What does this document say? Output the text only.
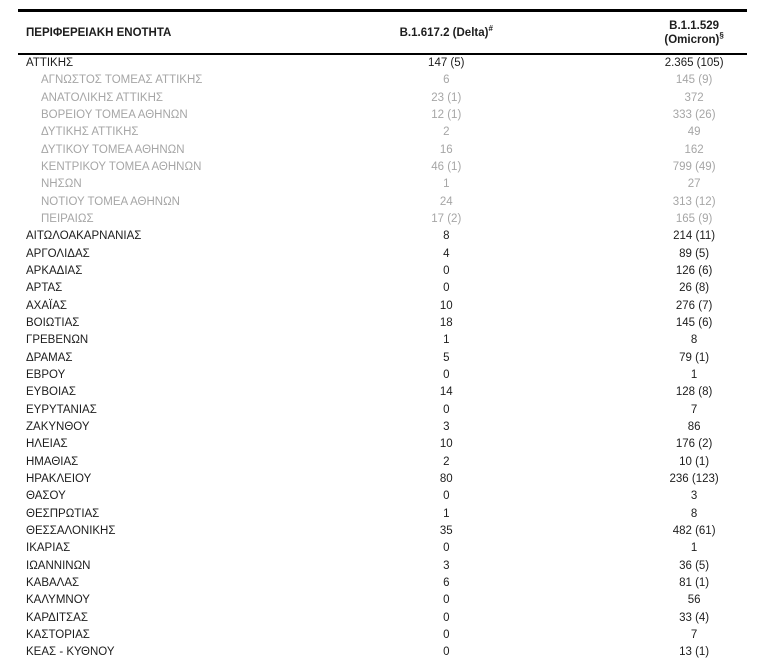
ΠΕΡΙΦΕΡΕΙΑΚΗ ΕΝΟΤΗΤΑ	B.1.617.2 (Delta)#	B.1.1.529
(Omicron)§
ΑΤΤΙΚΗΣ	147 (5)	2.365 (105)
ΑΓΝΩΣΤΟΣ ΤΟΜΕΑΣ ΑΤΤΙΚΗΣ	6	145 (9)
ΑΝΑΤΟΛΙΚΗΣ ΑΤΤΙΚΗΣ	23 (1)	372
ΒΟΡΕΙΟΥ ΤΟΜΕΑ ΑΘΗΝΩΝ	12 (1)	333 (26)
ΔΥΤΙΚΗΣ ΑΤΤΙΚΗΣ	2	49
ΔΥΤΙΚΟΥ ΤΟΜΕΑ ΑΘΗΝΩΝ	16	162
ΚΕΝΤΡΙΚΟΥ ΤΟΜΕΑ ΑΘΗΝΩΝ	46 (1)	799 (49)
ΝΗΣΩΝ	1	27
ΝΟΤΙΟΥ ΤΟΜΕΑ ΑΘΗΝΩΝ	24	313 (12)
ΠΕΙΡΑΙΩΣ	17 (2)	165 (9)
ΑΙΤΩΛΟΑΚΑΡΝΑΝΙΑΣ	8	214 (11)
ΑΡΓΟΛΙΔΑΣ	4	89 (5)
ΑΡΚΑΔΙΑΣ	0	126 (6)
ΑΡΤΑΣ	0	26 (8)
ΑΧΑΪΑΣ	10	276 (7)
ΒΟΙΩΤΙΑΣ	18	145 (6)
ΓΡΕΒΕΝΩΝ	1	8
ΔΡΑΜΑΣ	5	79 (1)
ΕΒΡΟΥ	0	1
ΕΥΒΟΙΑΣ	14	128 (8)
ΕΥΡΥΤΑΝΙΑΣ	0	7
ΖΑΚΥΝΘΟΥ	3	86
ΗΛΕΙΑΣ	10	176 (2)
ΗΜΑΘΙΑΣ	2	10 (1)
ΗΡΑΚΛΕΙΟΥ	80	236 (123)
ΘΑΣΟΥ	0	3
ΘΕΣΠΡΩΤΙΑΣ	1	8
ΘΕΣΣΑΛΟΝΙΚΗΣ	35	482 (61)
ΙΚΑΡΙΑΣ	0	1
ΙΩΑΝΝΙΝΩΝ	3	36 (5)
ΚΑΒΑΛΑΣ	6	81 (1)
ΚΑΛΥΜΝΟΥ	0	56
ΚΑΡΔΙΤΣΑΣ	0	33 (4)
ΚΑΣΤΟΡΙΑΣ	0	7
ΚΕΑΣ - ΚΥΘΝΟΥ	0	13 (1)
